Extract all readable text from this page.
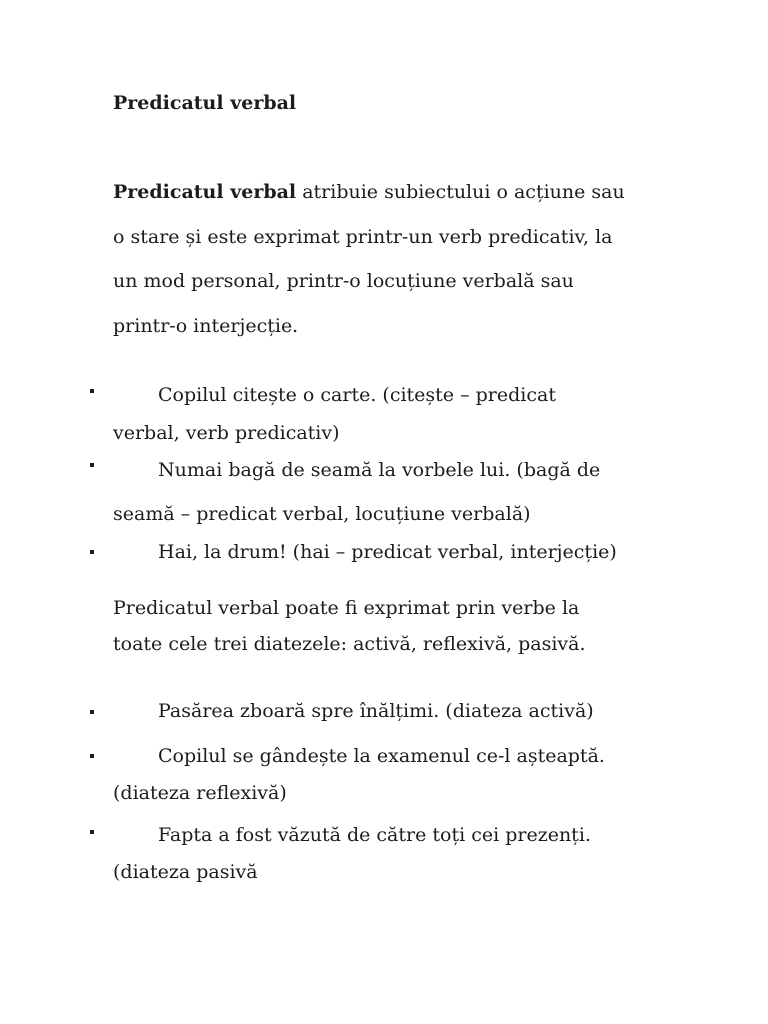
Predicatul verbal

Predicatul verbal atribuie subiectului o acțiune sau
o stare și este exprimat printr-un verb predicativ, la
un mod personal, printr-o locuțiune verbală sau
printr-o interjecție.

Copilul citește o carte. (citește – predicat
verbal, verb predicativ)
Numai bagă de seamă la vorbele lui. (bagă de
seamă – predicat verbal, locuțiune verbală)
Hai, la drum! (hai – predicat verbal, interjecție)

Predicatul verbal poate fi exprimat prin verbe la
toate cele trei diatezele: activă, reflexivă, pasivă.

Pasărea zboară spre înălțimi. (diateza activă)
Copilul se gândește la examenul ce-l așteaptă.
(diateza reflexivă)
Fapta a fost văzută de către toți cei prezenți.
(diateza pasivă
